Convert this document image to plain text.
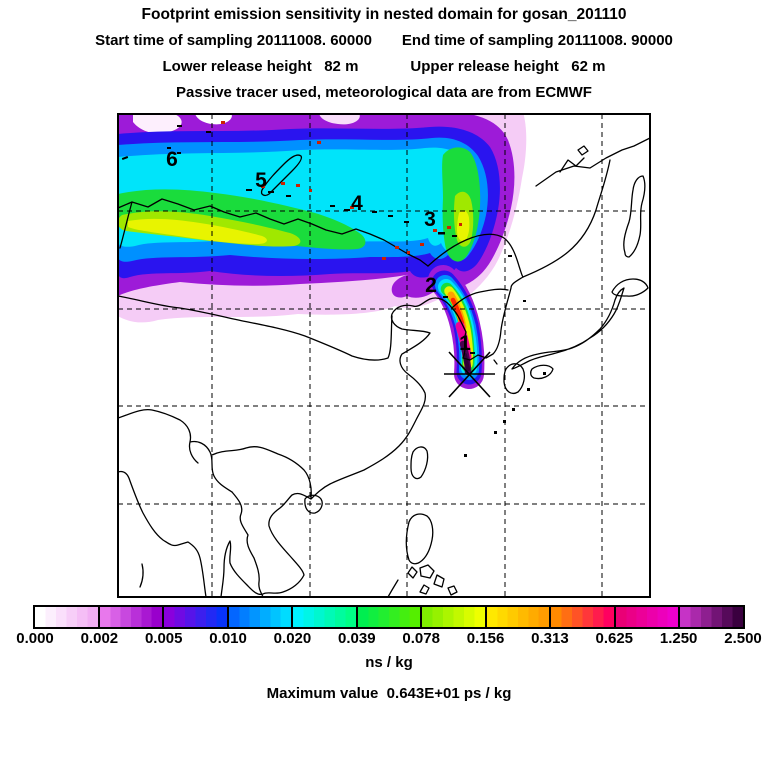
Footprint emission sensitivity in nested domain for gosan_201110
Start time of sampling 20111008. 60000 End time of sampling 20111008. 90000
Lower release height   82 m	Upper release height   62 m
Passive tracer used, meteorological data are from ECMWF
1
2
3
4
5
6
0.000 0.002 0.005 0.010 0.020 0.039 0.078 0.156 0.313 0.625 1.250 2.500
ns / kg
Maximum value  0.643E+01 ps / kg
